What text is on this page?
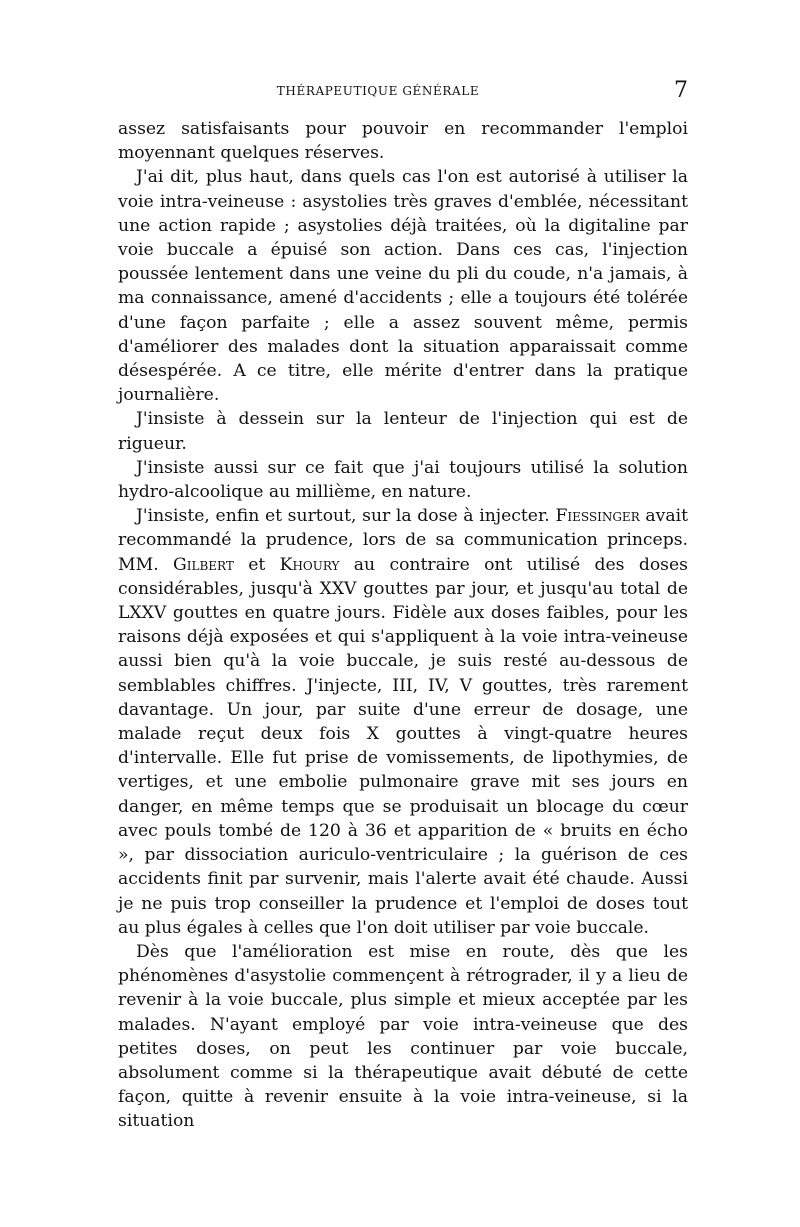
THÉRAPEUTIQUE GÉNÉRALE	7

assez satisfaisants pour pouvoir en recommander l'emploi moyennant quelques réserves.

J'ai dit, plus haut, dans quels cas l'on est autorisé à utiliser la voie intra-veineuse : asystolies très graves d'emblée, nécessitant une action rapide ; asystolies déjà traitées, où la digitaline par voie buccale a épuisé son action. Dans ces cas, l'injection poussée lentement dans une veine du pli du coude, n'a jamais, à ma connaissance, amené d'accidents ; elle a toujours été tolérée d'une façon parfaite ; elle a assez souvent même, permis d'améliorer des malades dont la situation apparaissait comme désespérée. A ce titre, elle mérite d'entrer dans la pratique journalière.

J'insiste à dessein sur la lenteur de l'injection qui est de rigueur.

J'insiste aussi sur ce fait que j'ai toujours utilisé la solution hydro-alcoolique au millième, en nature.

J'insiste, enfin et surtout, sur la dose à injecter. Fiessinger avait recommandé la prudence, lors de sa communication princeps. MM. Gilbert et Khoury au contraire ont utilisé des doses considérables, jusqu'à XXV gouttes par jour, et jusqu'au total de LXXV gouttes en quatre jours. Fidèle aux doses faibles, pour les raisons déjà exposées et qui s'appliquent à la voie intra-veineuse aussi bien qu'à la voie buccale, je suis resté au-dessous de semblables chiffres. J'injecte, III, IV, V gouttes, très rarement davantage. Un jour, par suite d'une erreur de dosage, une malade reçut deux fois X gouttes à vingt-quatre heures d'intervalle. Elle fut prise de vomissements, de lipothymies, de vertiges, et une embolie pulmonaire grave mit ses jours en danger, en même temps que se produisait un blocage du cœur avec pouls tombé de 120 à 36 et apparition de « bruits en écho », par dissociation auriculo-ventriculaire ; la guérison de ces accidents finit par survenir, mais l'alerte avait été chaude. Aussi je ne puis trop conseiller la prudence et l'emploi de doses tout au plus égales à celles que l'on doit utiliser par voie buccale.

Dès que l'amélioration est mise en route, dès que les phénomènes d'asystolie commençent à rétrograder, il y a lieu de revenir à la voie buccale, plus simple et mieux acceptée par les malades. N'ayant employé par voie intra-veineuse que des petites doses, on peut les continuer par voie buccale, absolument comme si la thérapeutique avait débuté de cette façon, quitte à revenir ensuite à la voie intra-veineuse, si la situation
